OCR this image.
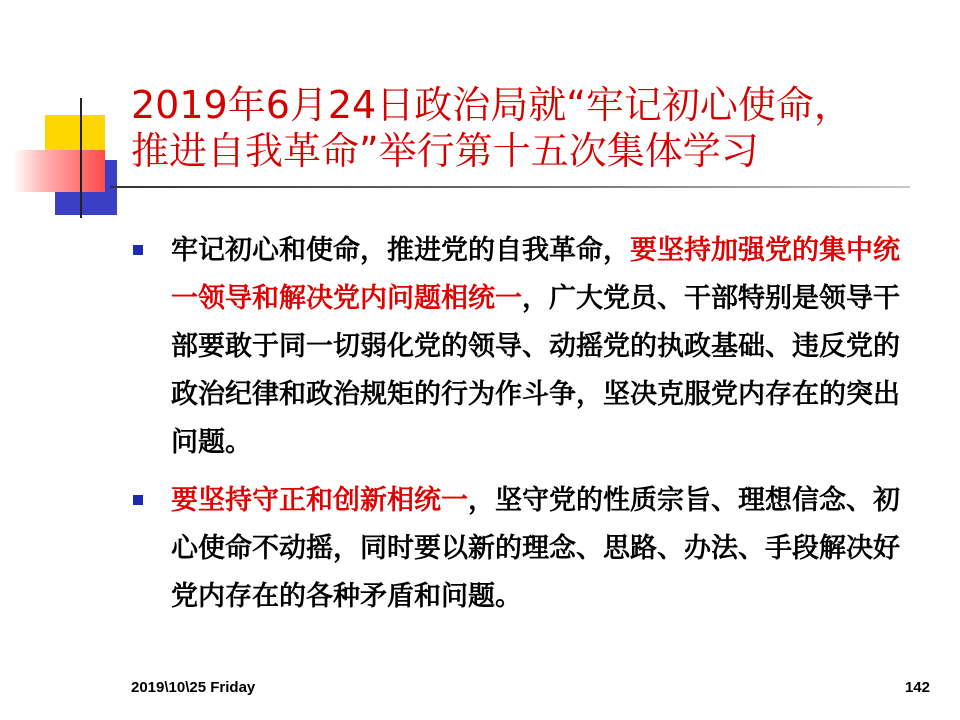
2019年6月24日政治局就“牢记初心使命，
推进自我革命”举行第十五次集体学习
牢记初心和使命，推进党的自我革命，要坚持加强党的集中统一领导和解决党内问题相统一，广大党员、干部特别是领导干部要敢于同一切弱化党的领导、动摇党的执政基础、违反党的政治纪律和政治规矩的行为作斗争，坚决克服党内存在的突出问题。
要坚持守正和创新相统一，坚守党的性质宗旨、理想信念、初心使命不动摇，同时要以新的理念、思路、办法、手段解决好党内存在的各种矛盾和问题。
2019\10\25 Friday	142
